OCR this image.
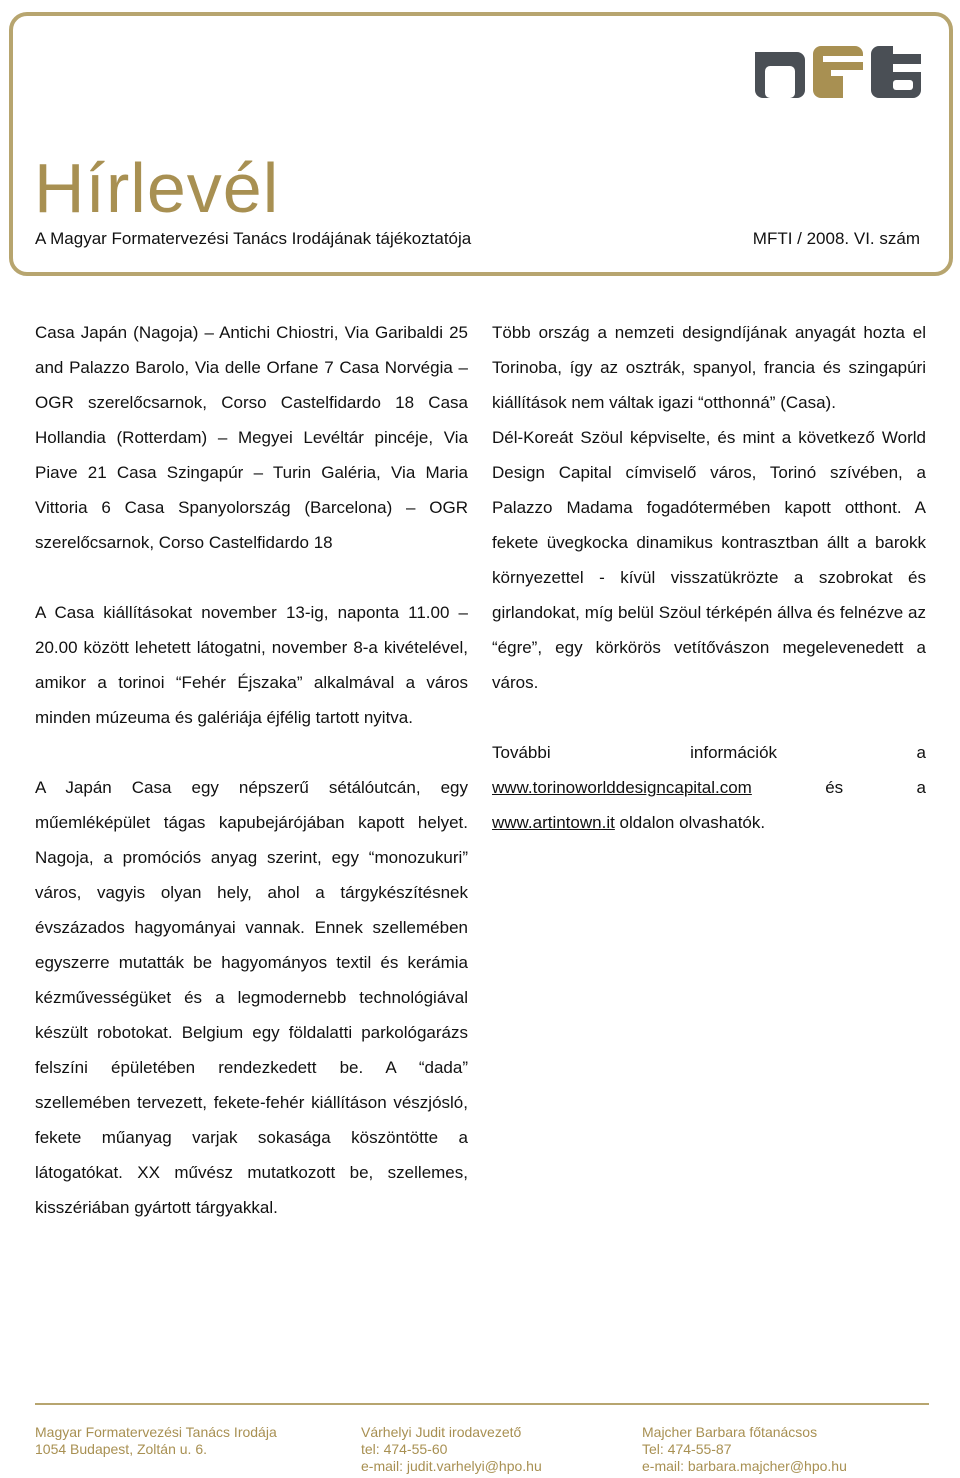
Hírlevél
A Magyar Formatervezési Tanács Irodájának tájékoztatója	MFTI / 2008. VI. szám

Casa Japán (Nagoja) – Antichi Chiostri, Via Garibaldi 25 and Palazzo Barolo, Via delle Orfane 7 Casa Norvégia – OGR szerelőcsarnok, Corso Castelfidardo 18 Casa Hollandia (Rotterdam) – Megyei Levéltár pincéje, Via Piave 21 Casa Szingapúr – Turin Galéria, Via Maria Vittoria 6 Casa Spanyolország (Barcelona) – OGR szerelőcsarnok, Corso Castelfidardo 18

A Casa kiállításokat november 13-ig, naponta 11.00 – 20.00 között lehetett látogatni, november 8-a kivételével, amikor a torinoi “Fehér Éjszaka” alkalmával a város minden múzeuma és galériája éjfélig tartott nyitva.

A Japán Casa egy népszerű sétálóutcán, egy műemléképület tágas kapubejárójában kapott helyet. Nagoja, a promóciós anyag szerint, egy “monozukuri” város, vagyis olyan hely, ahol a tárgykészítésnek évszázados hagyományai vannak. Ennek szellemében egyszerre mutatták be hagyományos textil és kerámia kézművességüket és a legmodernebb technológiával készült robotokat. Belgium egy földalatti parkológarázs felszíni épületében rendezkedett be. A “dada” szellemében tervezett, fekete-fehér kiállításon vészjósló, fekete műanyag varjak sokasága köszöntötte a látogatókat. XX művész mutatkozott be, szellemes, kisszériában gyártott tárgyakkal.

Több ország a nemzeti designdíjának anyagát hozta el Torinoba, így az osztrák, spanyol, francia és szingapúri kiállítások nem váltak igazi “otthonná” (Casa).

Dél-Koreát Szöul képviselte, és mint a következő World Design Capital címviselő város, Torinó szívében, a Palazzo Madama fogadótermében kapott otthont. A fekete üvegkocka dinamikus kontrasztban állt a barokk környezettel - kívül visszatükrözte a szobrokat és girlandokat, míg belül Szöul térképén állva és felnézve az “égre”, egy körkörös vetítővászon megelevenedett a város.

További	információk	a
www.torinoworlddesigncapital.com	és	a
www.artintown.it oldalon olvashatók.
Magyar Formatervezési Tanács Irodája
1054 Budapest, Zoltán u. 6.
Várhelyi Judit irodavezető
tel: 474-55-60
e-mail: judit.varhelyi@hpo.hu
Majcher Barbara főtanácsos
Tel: 474-55-87
e-mail: barbara.majcher@hpo.hu
